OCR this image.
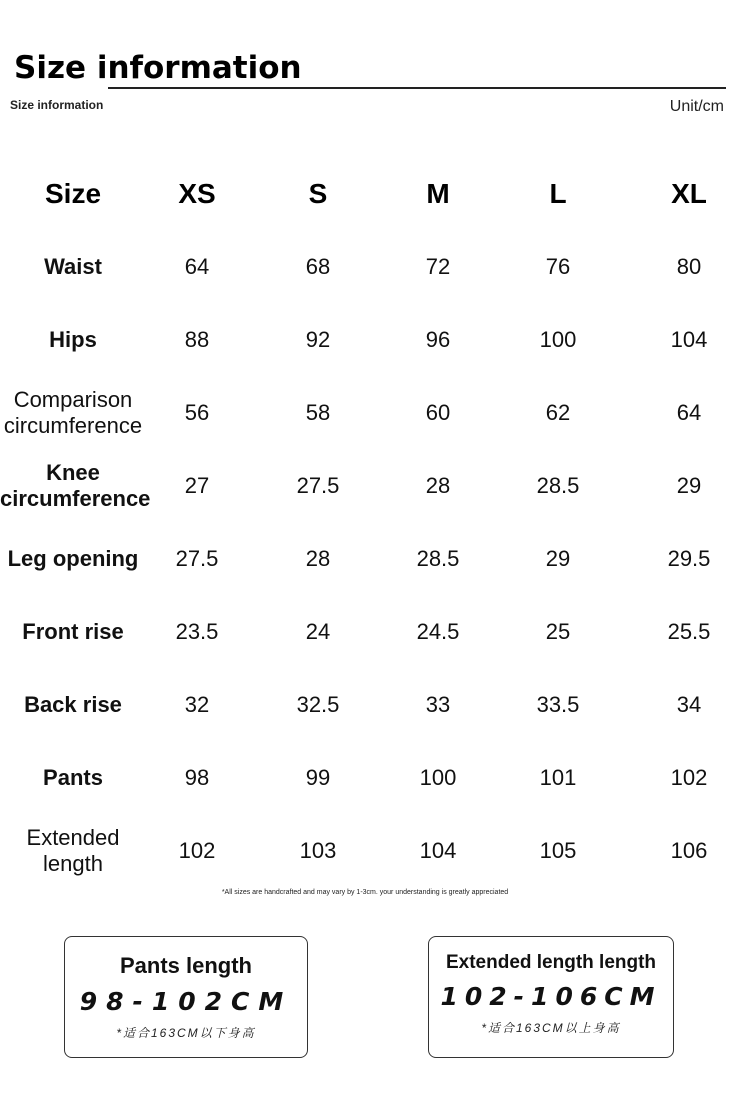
Size information
Size information	Unit/cm
Size	XS	S	M	L	XL
Waist	64	68	72	76	80
Hips	88	92	96	100	104
Comparison circumference	56	58	60	62	64
Knee circumference	27	27.5	28	28.5	29
Leg opening	27.5	28	28.5	29	29.5
Front rise	23.5	24	24.5	25	25.5
Back rise	32	32.5	33	33.5	34
Pants	98	99	100	101	102
Extended length	102	103	104	105	106
*All sizes are handcrafted and may vary by 1-3cm. your understanding is greatly appreciated
Pants length
98-102CM
*适合163CM以下身高
Extended length length
102-106CM
*适合163CM以上身高
